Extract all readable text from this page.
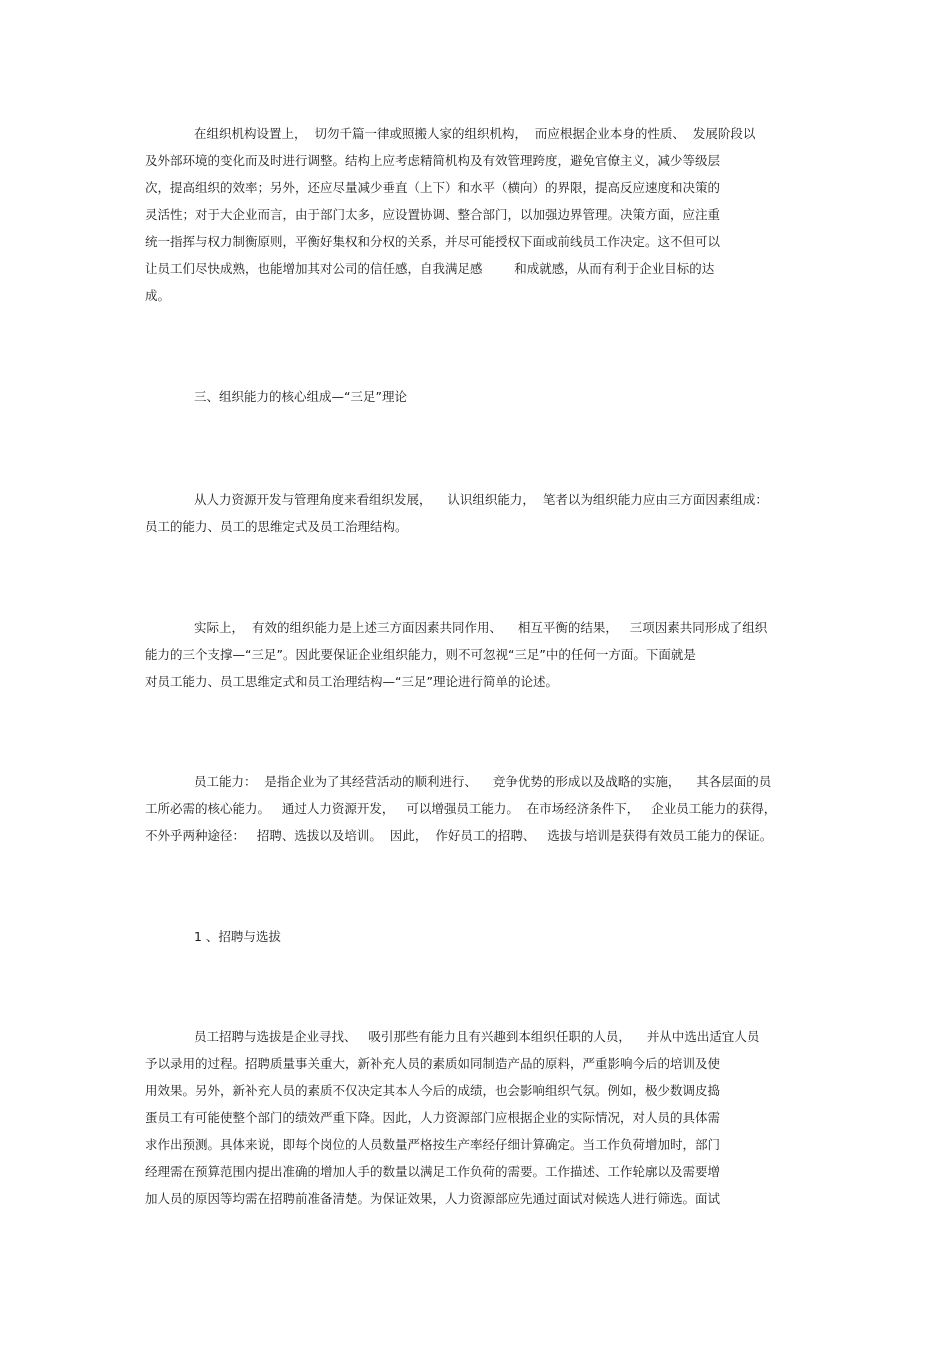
在组织机构设置上，  切勿千篇一律或照搬人家的组织机构，  而应根据企业本身的性质、  发展阶段以
及外部环境的变化而及时进行调整。结构上应考虑精简机构及有效管理跨度，避免官僚主义，减少等级层
次，提高组织的效率；另外，还应尽量减少垂直（上下）和水平（横向）的界限，提高反应速度和决策的
灵活性；对于大企业而言，由于部门太多，应设置协调、整合部门，以加强边界管理。决策方面，应注重
统一指挥与权力制衡原则，平衡好集权和分权的关系，并尽可能授权下面或前线员工作决定。这不但可以
让员工们尽快成熟，也能增加其对公司的信任感，自我满足感        和成就感，从而有利于企业目标的达
成。
三、组织能力的核心组成—“三足”理论
从人力资源开发与管理角度来看组织发展，    认识组织能力，  笔者以为组织能力应由三方面因素组成：
员工的能力、员工的思维定式及员工治理结构。
实际上，  有效的组织能力是上述三方面因素共同作用、    相互平衡的结果，   三项因素共同形成了组织
能力的三个支撑—“三足”。因此要保证企业组织能力，则不可忽视“三足”中的任何一方面。下面就是
对员工能力、员工思维定式和员工治理结构—“三足”理论进行简单的论述。
员工能力：  是指企业为了其经营活动的顺利进行、    竞争优势的形成以及战略的实施，    其各层面的员
工所必需的核心能力。   通过人力资源开发，   可以增强员工能力。  在市场经济条件下，   企业员工能力的获得，
不外乎两种途径：   招聘、选拔以及培训。  因此，  作好员工的招聘、   选拔与培训是获得有效员工能力的保证。
1 、招聘与选拔
员工招聘与选拔是企业寻找、   吸引那些有能力且有兴趣到本组织任职的人员，    并从中选出适宜人员
予以录用的过程。招聘质量事关重大，新补充人员的素质如同制造产品的原料，严重影响今后的培训及使
用效果。另外，新补充人员的素质不仅决定其本人今后的成绩，也会影响组织气氛。例如，极少数调皮捣
蛋员工有可能使整个部门的绩效严重下降。因此，人力资源部门应根据企业的实际情况，对人员的具体需
求作出预测。具体来说，即每个岗位的人员数量严格按生产率经仔细计算确定。当工作负荷增加时，部门
经理需在预算范围内提出准确的增加人手的数量以满足工作负荷的需要。工作描述、工作轮廓以及需要增
加人员的原因等均需在招聘前准备清楚。为保证效果，人力资源部应先通过面试对候选人进行筛选。面试
